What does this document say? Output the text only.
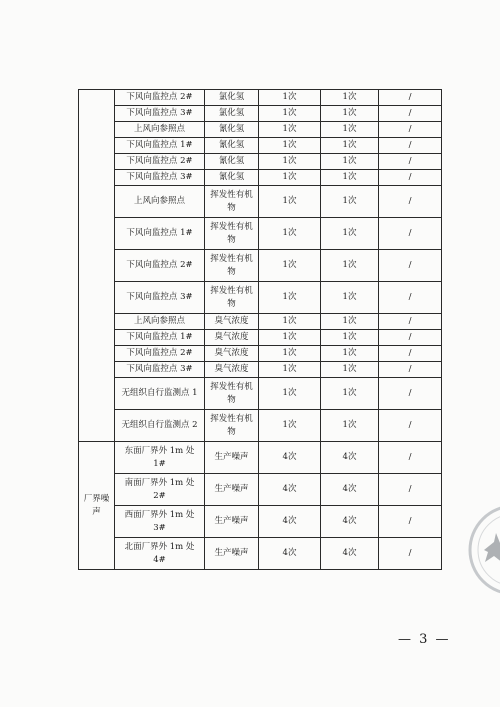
	下风向监控点 2#	氯化氢	1次	1次	/
	下风向监控点 3#	氯化氢	1次	1次	/
	上风向参照点	氰化氢	1次	1次	/
	下风向监控点 1#	氰化氢	1次	1次	/
	下风向监控点 2#	氰化氢	1次	1次	/
	下风向监控点 3#	氰化氢	1次	1次	/
	上风向参照点	挥发性有机物	1次	1次	/
	下风向监控点 1#	挥发性有机物	1次	1次	/
	下风向监控点 2#	挥发性有机物	1次	1次	/
	下风向监控点 3#	挥发性有机物	1次	1次	/
	上风向参照点	臭气浓度	1次	1次	/
	下风向监控点 1#	臭气浓度	1次	1次	/
	下风向监控点 2#	臭气浓度	1次	1次	/
	下风向监控点 3#	臭气浓度	1次	1次	/
	无组织自行监测点 1	挥发性有机物	1次	1次	/
	无组织自行监测点 2	挥发性有机物	1次	1次	/
厂界噪声	东面厂界外 1m 处 1#	生产噪声	4次	4次	/
	南面厂界外 1m 处 2#	生产噪声	4次	4次	/
	西面厂界外 1m 处 3#	生产噪声	4次	4次	/
	北面厂界外 1m 处 4#	生产噪声	4次	4次	/
— 3 —
